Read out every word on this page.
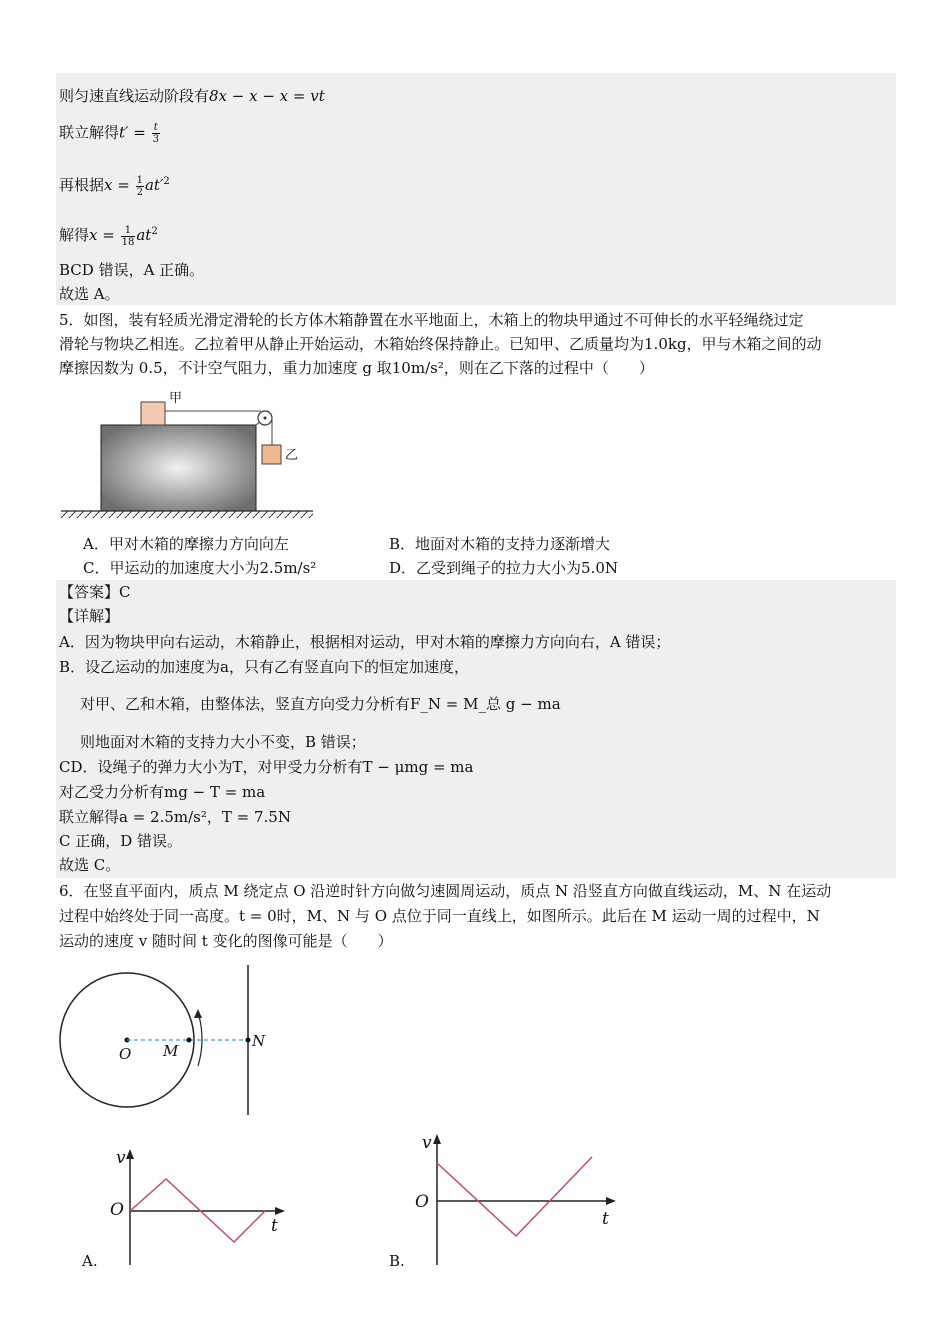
则匀速直线运动阶段有8x − x − x = vt
联立解得$t' = \frac{t}{3}$
再根据$x = \frac{1}{2} at'^2$
解得$x = \frac{1}{18} at^2$
BCD 错误，A 正确。
故选 A。
5．如图，装有轻质光滑定滑轮的长方体木箱静置在水平地面上，木箱上的物块甲通过不可伸长的水平轻绳绕过定
滑轮与物块乙相连。乙拉着甲从静止开始运动，木箱始终保持静止。已知甲、乙质量均为1.0kg，甲与木箱之间的动
摩擦因数为 0.5，不计空气阻力，重力加速度 g 取10m/s²，则在乙下落的过程中（　　）
甲
乙
A．甲对木箱的摩擦力方向向左	B．地面对木箱的支持力逐渐增大
C．甲运动的加速度大小为2.5m/s²	D．乙受到绳子的拉力大小为5.0N
【答案】C
【详解】
A．因为物块甲向右运动，木箱静止，根据相对运动，甲对木箱的摩擦力方向向右，A 错误；
B．设乙运动的加速度为a，只有乙有竖直向下的恒定加速度，
对甲、乙和木箱，由整体法，竖直方向受力分析有F_N = M_总 g − ma
则地面对木箱的支持力大小不变，B 错误；
CD．设绳子的弹力大小为T，对甲受力分析有T − μmg = ma
对乙受力分析有mg − T = ma
联立解得a = 2.5m/s²，T = 7.5N
C 正确，D 错误。
故选 C。
6．在竖直平面内，质点 M 绕定点 O 沿逆时针方向做匀速圆周运动，质点 N 沿竖直方向做直线运动，M、N 在运动
过程中始终处于同一高度。t = 0时，M、N 与 O 点位于同一直线上，如图所示。此后在 M 运动一周的过程中，N
运动的速度 v 随时间 t 变化的图像可能是（　　）
O M
N
v
t
O
A.
v
t
O
B.
